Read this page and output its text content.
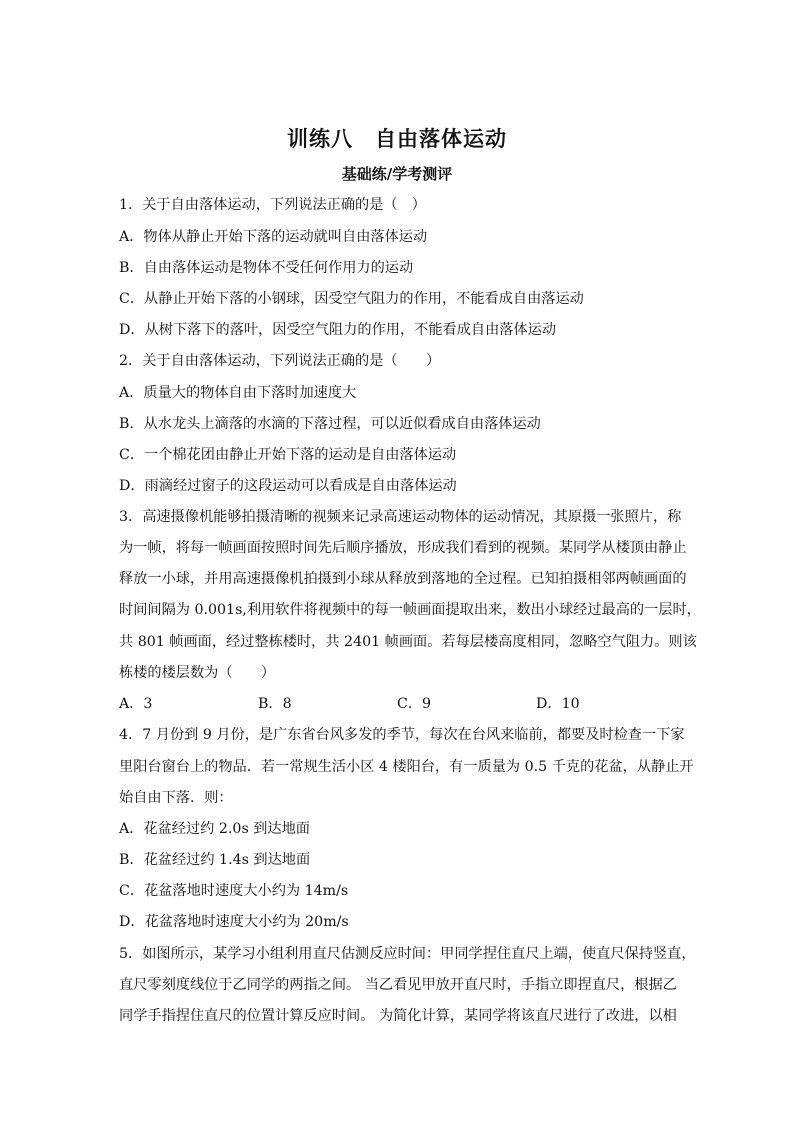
训练八　自由落体运动
基础练/学考测评
1．关于自由落体运动，下列说法正确的是（　）
A．物体从静止开始下落的运动就叫自由落体运动
B．自由落体运动是物体不受任何作用力的运动
C．从静止开始下落的小钢球，因受空气阻力的作用，不能看成自由落运动
D．从树下落下的落叶，因受空气阻力的作用，不能看成自由落体运动
2．关于自由落体运动，下列说法正确的是（　　）
A．质量大的物体自由下落时加速度大
B．从水龙头上滴落的水滴的下落过程，可以近似看成自由落体运动
C．一个棉花团由静止开始下落的运动是自由落体运动
D．雨滴经过窗子的这段运动可以看成是自由落体运动
3．高速摄像机能够拍摄清晰的视频来记录高速运动物体的运动情况，其原摄一张照片，称
为一帧，将每一帧画面按照时间先后顺序播放，形成我们看到的视频。某同学从楼顶由静止
释放一小球，并用高速摄像机拍摄到小球从释放到落地的全过程。已知拍摄相邻两帧画面的
时间间隔为 0.001s,利用软件将视频中的每一帧画面提取出来，数出小球经过最高的一层时，
共 801 帧画面，经过整栋楼时，共 2401 帧画面。若每层楼高度相同，忽略空气阻力。则该
栋楼的楼层数为（　　）
A．3	B．8	C．9	D．10
4．7 月份到 9 月份，是广东省台风多发的季节，每次在台风来临前，都要及时检查一下家
里阳台窗台上的物品．若一常规生活小区 4 楼阳台，有一质量为 0.5 千克的花盆，从静止开
始自由下落．则：
A．花盆经过约 2.0s 到达地面
B．花盆经过约 1.4s 到达地面
C．花盆落地时速度大小约为 14m/s
D．花盆落地时速度大小约为 20m/s
5．如图所示，某学习小组利用直尺估测反应时间：甲同学捏住直尺上端，使直尺保持竖直，
直尺零刻度线位于乙同学的两指之间。 当乙看见甲放开直尺时，手指立即捏直尺，根据乙
同学手指捏住直尺的位置计算反应时间。 为简化计算，某同学将该直尺进行了改进，以相
